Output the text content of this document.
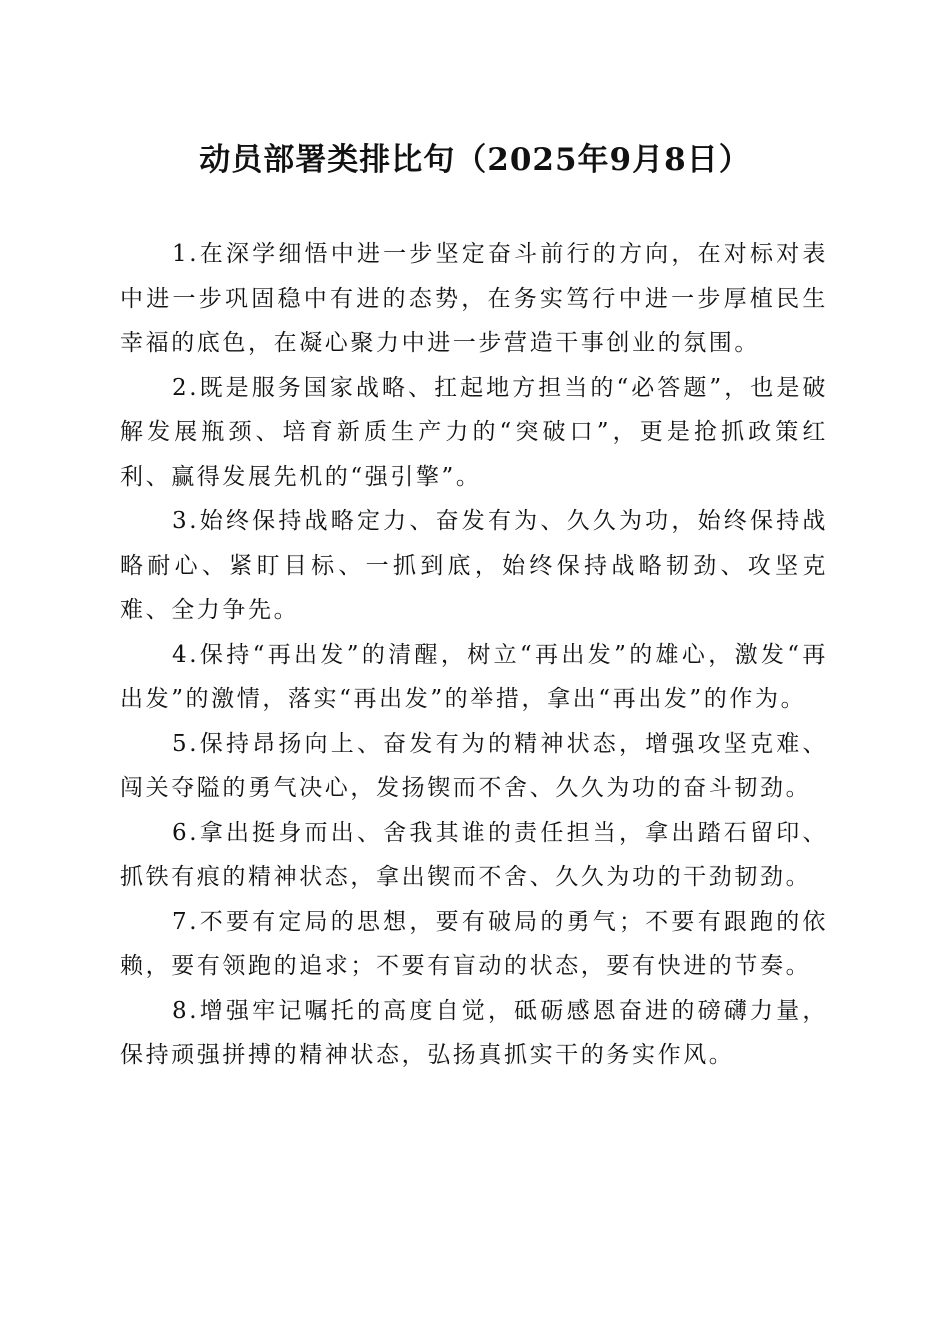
动员部署类排比句（2025年9月8日）

1.在深学细悟中进一步坚定奋斗前行的方向，在对标对表中进一步巩固稳中有进的态势，在务实笃行中进一步厚植民生幸福的底色，在凝心聚力中进一步营造干事创业的氛围。

2.既是服务国家战略、扛起地方担当的“必答题”，也是破解发展瓶颈、培育新质生产力的“突破口”，更是抢抓政策红利、赢得发展先机的“强引擎”。

3.始终保持战略定力、奋发有为、久久为功，始终保持战略耐心、紧盯目标、一抓到底，始终保持战略韧劲、攻坚克难、全力争先。

4.保持“再出发”的清醒，树立“再出发”的雄心，激发“再出发”的激情，落实“再出发”的举措，拿出“再出发”的作为。

5.保持昂扬向上、奋发有为的精神状态，增强攻坚克难、闯关夺隘的勇气决心，发扬锲而不舍、久久为功的奋斗韧劲。

6.拿出挺身而出、舍我其谁的责任担当，拿出踏石留印、抓铁有痕的精神状态，拿出锲而不舍、久久为功的干劲韧劲。

7.不要有定局的思想，要有破局的勇气；不要有跟跑的依赖，要有领跑的追求；不要有盲动的状态，要有快进的节奏。

8.增强牢记嘱托的高度自觉，砥砺感恩奋进的磅礴力量，保持顽强拼搏的精神状态，弘扬真抓实干的务实作风。
